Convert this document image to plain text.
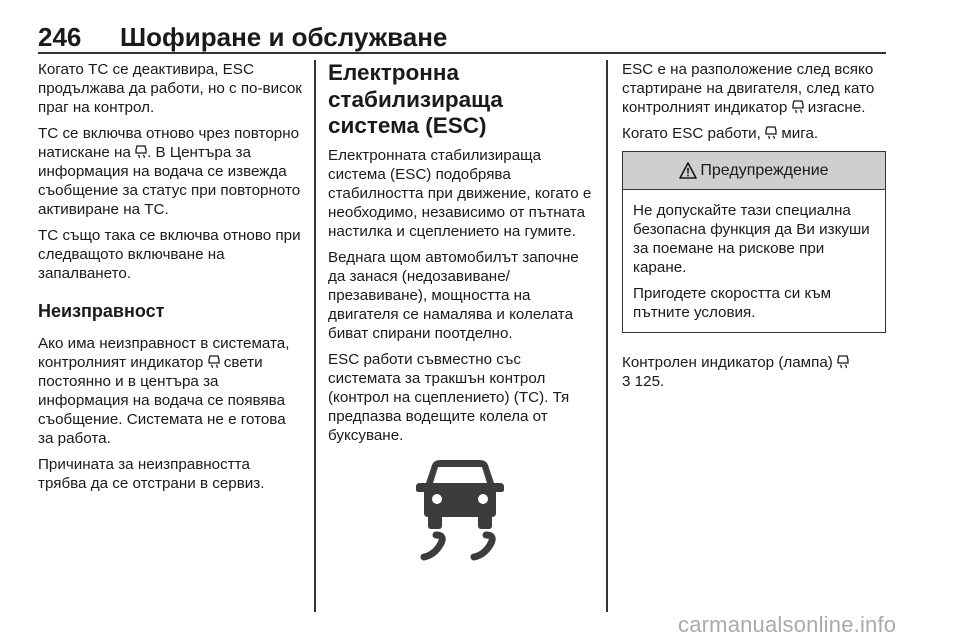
246 Шофиране и обслужване

Когато TC се деактивира, ESC продължава да работи, но с по-висок праг на контрол.

TC се включва отново чрез повторно натискане на . В Центъра за информация на водача се извежда съобщение за статус при повторното активиране на TC.

TC също така се включва отново при следващото включване на запалването.

Неизправност

Ако има неизправност в системата, контролният индикатор  свети постоянно и в центъра за информация на водача се появява съобщение. Системата не е готова за работа.

Причината за неизправността трябва да се отстрани в сервиз.

Електронна стабилизираща система (ESC)

Електронната стабилизираща система (ESC) подобрява стабилността при движение, когато е необходимо, независимо от пътната настилка и сцеплението на гумите.

Веднага щом автомобилът започне да занася (недозавиване/презавиване), мощността на двигателя се намалява и колелата биват спирани поотделно.

ESC работи съвместно със системата за тракшън контрол (контрол на сцеплението) (TC). Тя предпазва водещите колела от буксуване.

ESC е на разположение след всяко стартиране на двигателя, след като контролният индикатор  изгасне.

Когато ESC работи,  мига.

Предупреждение

Не допускайте тази специална безопасна функция да Ви изкуши за поемане на рискове при каране.

Пригодете скоростта си към пътните условия.

Контролен индикатор (лампа)
3 125.

carmanualsonline.info
